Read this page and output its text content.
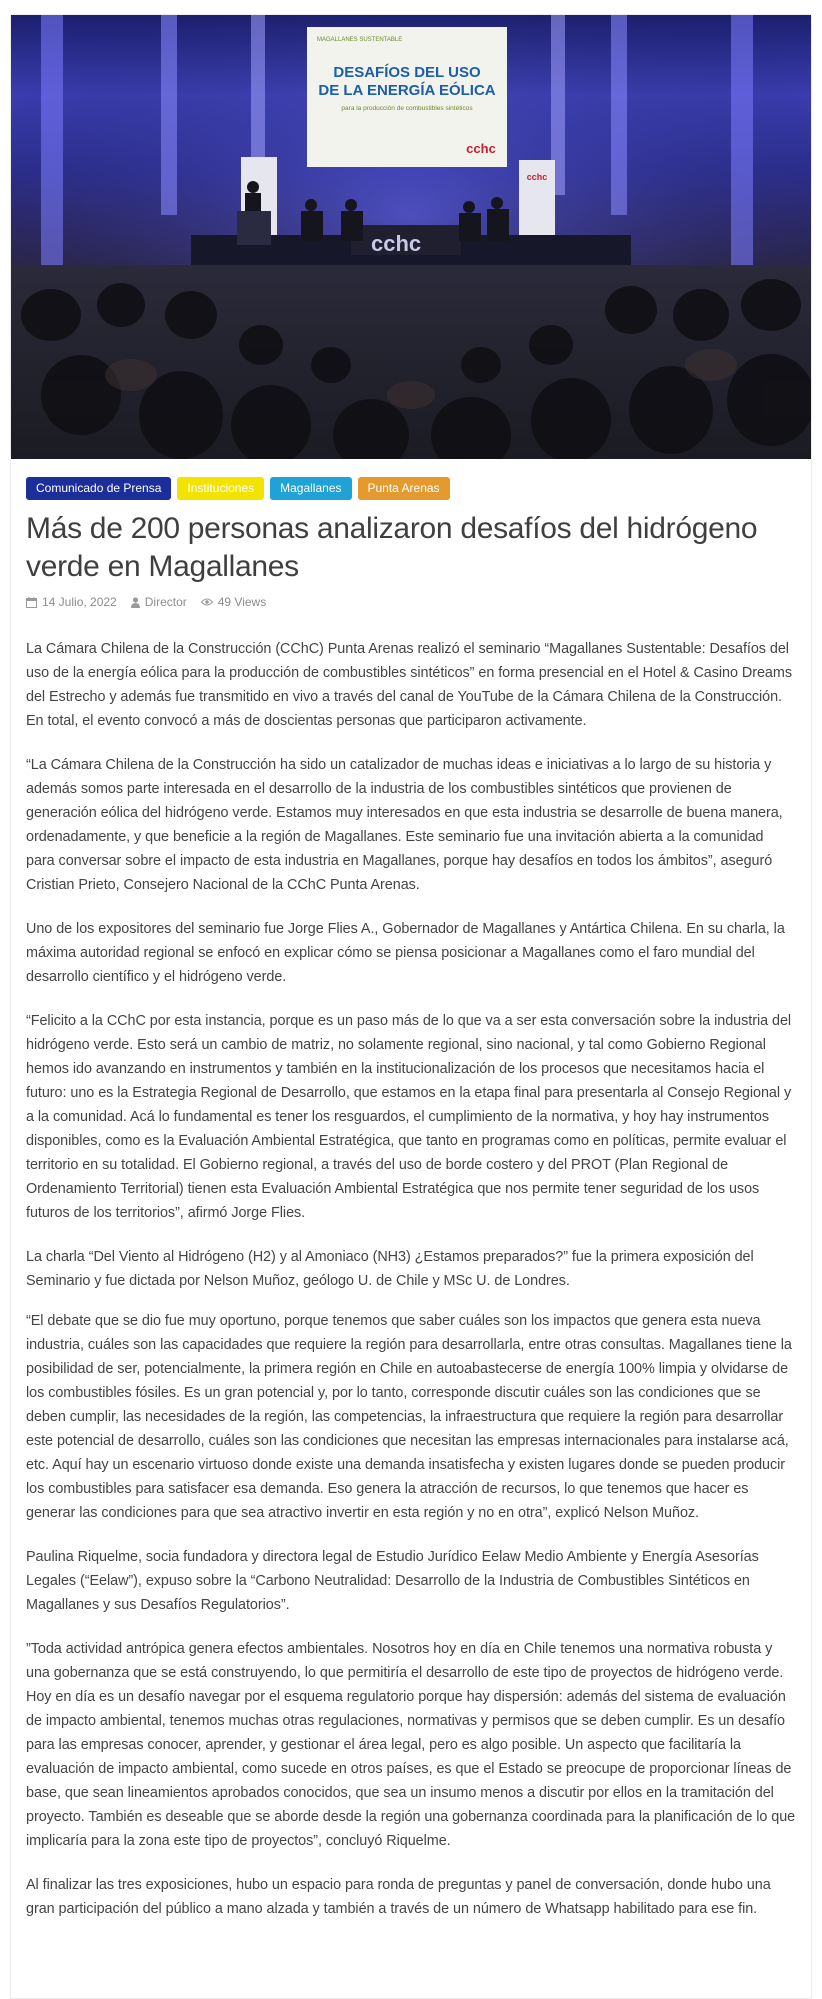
MAGALLANES SUSTENTABLE
DESAFÍOS DEL USO
DE LA ENERGÍA EÓLICA
para la producción de combustibles sintéticos
cchc
cchc
cchc
Comunicado de Prensa	Instituciones	Magallanes	Punta Arenas
Más de 200 personas analizaron desafíos del hidrógeno verde en Magallanes
14 Julio, 2022 Director	49 Views

La Cámara Chilena de la Construcción (CChC) Punta Arenas realizó el seminario “Magallanes Sustentable: Desafíos del uso de la energía eólica para la producción de combustibles sintéticos” en forma presencial en el Hotel & Casino Dreams del Estrecho y además fue transmitido en vivo a través del canal de YouTube de la Cámara Chilena de la Construcción. En total, el evento convocó a más de doscientas personas que participaron activamente.

“La Cámara Chilena de la Construcción ha sido un catalizador de muchas ideas e iniciativas a lo largo de su historia y además somos parte interesada en el desarrollo de la industria de los combustibles sintéticos que provienen de generación eólica del hidrógeno verde. Estamos muy interesados en que esta industria se desarrolle de buena manera, ordenadamente, y que beneficie a la región de Magallanes. Este seminario fue una invitación abierta a la comunidad para conversar sobre el impacto de esta industria en Magallanes, porque hay desafíos en todos los ámbitos”, aseguró Cristian Prieto, Consejero Nacional de la CChC Punta Arenas.

Uno de los expositores del seminario fue Jorge Flies A., Gobernador de Magallanes y Antártica Chilena. En su charla, la máxima autoridad regional se enfocó en explicar cómo se piensa posicionar a Magallanes como el faro mundial del desarrollo científico y el hidrógeno verde.

“Felicito a la CChC por esta instancia, porque es un paso más de lo que va a ser esta conversación sobre la industria del hidrógeno verde. Esto será un cambio de matriz, no solamente regional, sino nacional, y tal como Gobierno Regional hemos ido avanzando en instrumentos y también en la institucionalización de los procesos que necesitamos hacia el futuro: uno es la Estrategia Regional de Desarrollo, que estamos en la etapa final para presentarla al Consejo Regional y a la comunidad. Acá lo fundamental es tener los resguardos, el cumplimiento de la normativa, y hoy hay instrumentos disponibles, como es la Evaluación Ambiental Estratégica, que tanto en programas como en políticas, permite evaluar el territorio en su totalidad. El Gobierno regional, a través del uso de borde costero y del PROT (Plan Regional de Ordenamiento Territorial) tienen esta Evaluación Ambiental Estratégica que nos permite tener seguridad de los usos futuros de los territorios”, afirmó Jorge Flies.

La charla “Del Viento al Hidrógeno (H2) y al Amoniaco (NH3) ¿Estamos preparados?” fue la primera exposición del Seminario y fue dictada por Nelson Muñoz, geólogo U. de Chile y MSc U. de Londres.

“El debate que se dio fue muy oportuno, porque tenemos que saber cuáles son los impactos que genera esta nueva industria, cuáles son las capacidades que requiere la región para desarrollarla, entre otras consultas. Magallanes tiene la posibilidad de ser, potencialmente, la primera región en Chile en autoabastecerse de energía 100% limpia y olvidarse de los combustibles fósiles. Es un gran potencial y, por lo tanto, corresponde discutir cuáles son las condiciones que se deben cumplir, las necesidades de la región, las competencias, la infraestructura que requiere la región para desarrollar este potencial de desarrollo, cuáles son las condiciones que necesitan las empresas internacionales para instalarse acá, etc. Aquí hay un escenario virtuoso donde existe una demanda insatisfecha y existen lugares donde se pueden producir los combustibles para satisfacer esa demanda. Eso genera la atracción de recursos, lo que tenemos que hacer es generar las condiciones para que sea atractivo invertir en esta región y no en otra”, explicó Nelson Muñoz.

Paulina Riquelme, socia fundadora y directora legal de Estudio Jurídico Eelaw Medio Ambiente y Energía Asesorías Legales (“Eelaw”), expuso sobre la “Carbono Neutralidad: Desarrollo de la Industria de Combustibles Sintéticos en Magallanes y sus Desafíos Regulatorios”.

”Toda actividad antrópica genera efectos ambientales. Nosotros hoy en día en Chile tenemos una normativa robusta y una gobernanza que se está construyendo, lo que permitiría el desarrollo de este tipo de proyectos de hidrógeno verde. Hoy en día es un desafío navegar por el esquema regulatorio porque hay dispersión: además del sistema de evaluación de impacto ambiental, tenemos muchas otras regulaciones, normativas y permisos que se deben cumplir. Es un desafío para las empresas conocer, aprender, y gestionar el área legal, pero es algo posible. Un aspecto que facilitaría la evaluación de impacto ambiental, como sucede en otros países, es que el Estado se preocupe de proporcionar líneas de base, que sean lineamientos aprobados conocidos, que sea un insumo menos a discutir por ellos en la tramitación del proyecto. También es deseable que se aborde desde la región una gobernanza coordinada para la planificación de lo que implicaría para la zona este tipo de proyectos”, concluyó Riquelme.

Al finalizar las tres exposiciones, hubo un espacio para ronda de preguntas y panel de conversación, donde hubo una gran participación del público a mano alzada y también a través de un número de Whatsapp habilitado para ese fin.
